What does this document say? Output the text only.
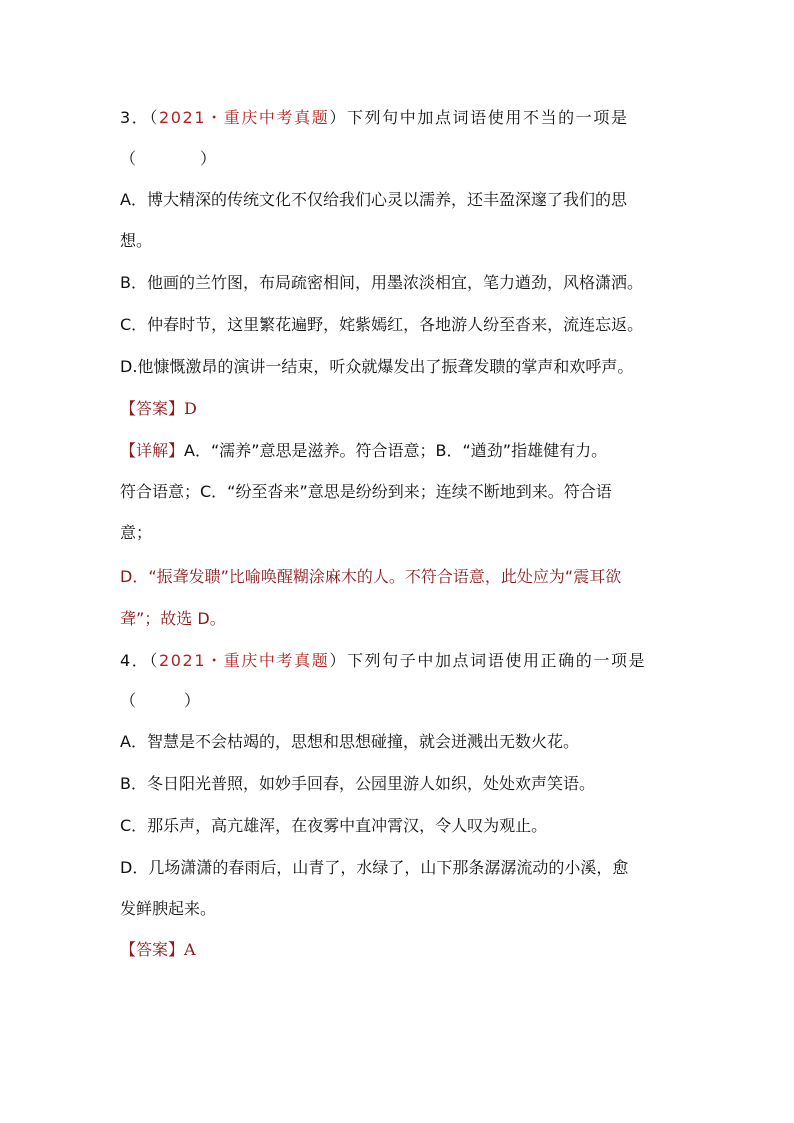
3．（2021・重庆中考真题）下列句中加点词语使用不当的一项是
（　　　　）
A．博大精深的传统文化不仅给我们心灵以濡养，还丰盈深邃了我们的思
想。
B．他画的兰竹图，布局疏密相间，用墨浓淡相宜，笔力遒劲，风格潇洒。
C．仲春时节，这里繁花遍野，姹紫嫣红，各地游人纷至沓来，流连忘返。
D.他慷慨激昂的演讲一结束，听众就爆发出了振聋发聩的掌声和欢呼声。
【答案】D
【详解】A．“濡养”意思是滋养。符合语意；B．“遒劲”指雄健有力。
符合语意；C．“纷至沓来”意思是纷纷到来；连续不断地到来。符合语
意；
D．“振聋发聩”比喻唤醒糊涂麻木的人。不符合语意，此处应为“震耳欲
聋”；故选 D。
4．（2021・重庆中考真题）下列句子中加点词语使用正确的一项是
（　　　）
A．智慧是不会枯竭的，思想和思想碰撞，就会迸溅出无数火花。
B．冬日阳光普照，如妙手回春，公园里游人如织，处处欢声笑语。
C．那乐声，高亢雄浑，在夜雾中直冲霄汉，令人叹为观止。
D．几场潇潇的春雨后，山青了，水绿了，山下那条潺潺流动的小溪，愈
发鲜腴起来。
【答案】A
